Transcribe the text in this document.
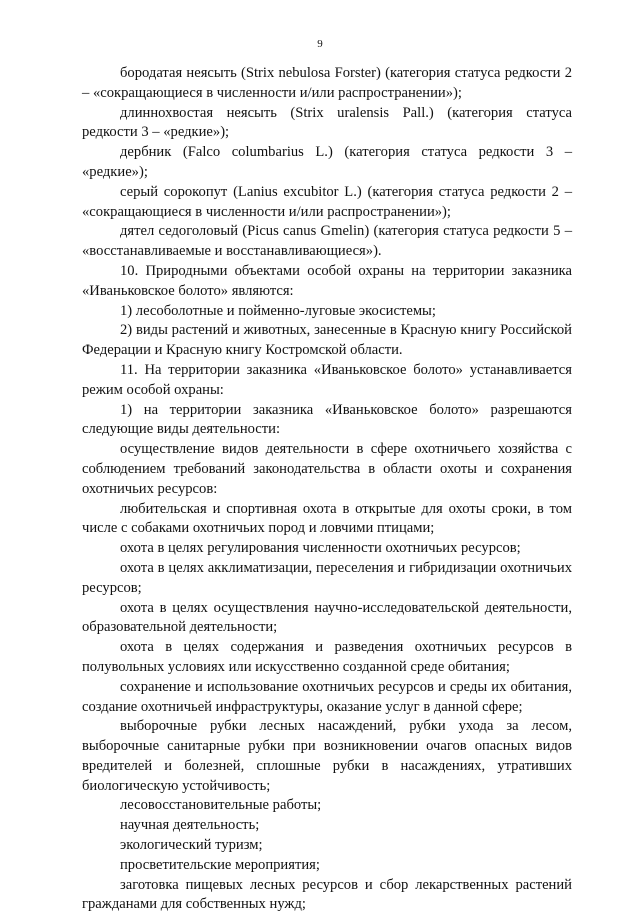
9

бородатая неясыть (Strix nebulosa Forster) (категория статуса редкости 2 – «сокращающиеся в численности и/или распространении»);

длиннохвостая неясыть (Strix uralensis Pall.) (категория статуса редкости 3 – «редкие»);

дербник (Falco columbarius L.) (категория статуса редкости 3 – «редкие»);

серый сорокопут (Lanius excubitor L.) (категория статуса редкости 2 – «сокращающиеся в численности и/или распространении»);

дятел седоголовый (Picus canus Gmelin) (категория статуса редкости 5 – «восстанавливаемые и восстанавливающиеся»).

10. Природными объектами особой охраны на территории заказника «Иваньковское болото» являются:

1) лесоболотные и пойменно-луговые экосистемы;

2) виды растений и животных, занесенные в Красную книгу Российской Федерации и Красную книгу Костромской области.

11. На территории заказника «Иваньковское болото» устанавливается режим особой охраны:

1) на территории заказника «Иваньковское болото» разрешаются следующие виды деятельности:

осуществление видов деятельности в сфере охотничьего хозяйства с соблюдением требований законодательства в области охоты и сохранения охотничьих ресурсов:

любительская и спортивная охота в открытые для охоты сроки, в том числе с собаками охотничьих пород и ловчими птицами;

охота в целях регулирования численности охотничьих ресурсов;

охота в целях акклиматизации, переселения и гибридизации охотничьих ресурсов;

охота в целях осуществления научно-исследовательской деятельности, образовательной деятельности;

охота в целях содержания и разведения охотничьих ресурсов в полувольных условиях или искусственно созданной среде обитания;

сохранение и использование охотничьих ресурсов и среды их обитания, создание охотничьей инфраструктуры, оказание услуг в данной сфере;

выборочные рубки лесных насаждений, рубки ухода за лесом, выборочные санитарные рубки при возникновении очагов опасных видов вредителей и болезней, сплошные рубки в насаждениях, утративших биологическую устойчивость;

лесовосстановительные работы;

научная деятельность;

экологический туризм;

просветительские мероприятия;

заготовка пищевых лесных ресурсов и сбор лекарственных растений гражданами для собственных нужд;
